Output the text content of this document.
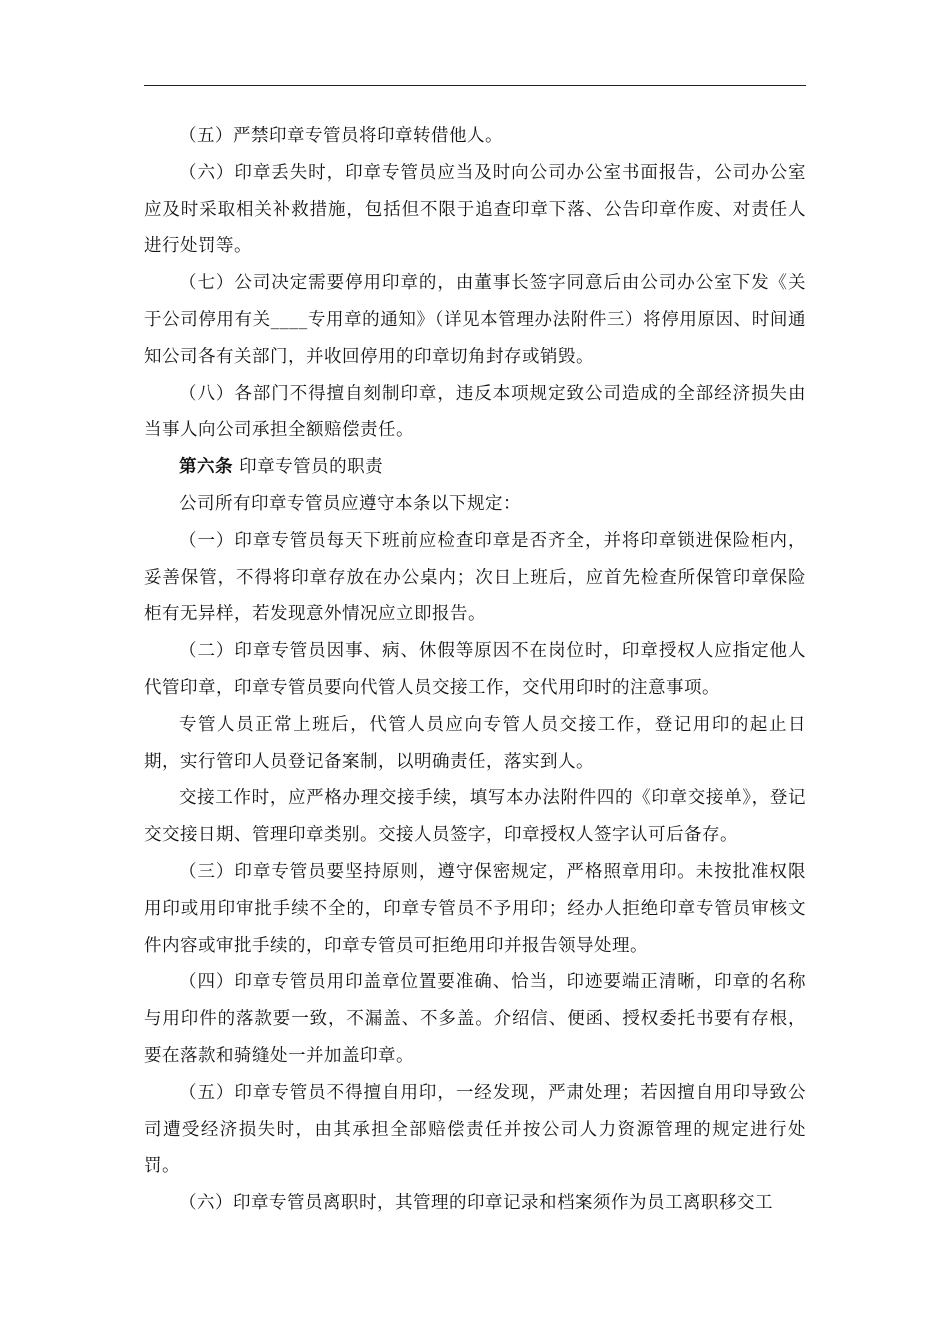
（五）严禁印章专管员将印章转借他人。

（六）印章丢失时，印章专管员应当及时向公司办公室书面报告，公司办公室应及时采取相关补救措施，包括但不限于追查印章下落、公告印章作废、对责任人进行处罚等。

（七）公司决定需要停用印章的，由董事长签字同意后由公司办公室下发《关于公司停用有关____专用章的通知》（详见本管理办法附件三）将停用原因、时间通知公司各有关部门，并收回停用的印章切角封存或销毁。

（八）各部门不得擅自刻制印章，违反本项规定致公司造成的全部经济损失由当事人向公司承担全额赔偿责任。

第六条 印章专管员的职责

公司所有印章专管员应遵守本条以下规定：

（一）印章专管员每天下班前应检查印章是否齐全，并将印章锁进保险柜内，妥善保管，不得将印章存放在办公桌内；次日上班后，应首先检查所保管印章保险柜有无异样，若发现意外情况应立即报告。

（二）印章专管员因事、病、休假等原因不在岗位时，印章授权人应指定他人代管印章，印章专管员要向代管人员交接工作，交代用印时的注意事项。

专管人员正常上班后，代管人员应向专管人员交接工作，登记用印的起止日期，实行管印人员登记备案制，以明确责任，落实到人。

交接工作时，应严格办理交接手续，填写本办法附件四的《印章交接单》，登记交交接日期、管理印章类别。交接人员签字，印章授权人签字认可后备存。

（三）印章专管员要坚持原则，遵守保密规定，严格照章用印。未按批准权限用印或用印审批手续不全的，印章专管员不予用印；经办人拒绝印章专管员审核文件内容或审批手续的，印章专管员可拒绝用印并报告领导处理。

（四）印章专管员用印盖章位置要准确、恰当，印迹要端正清晰，印章的名称与用印件的落款要一致，不漏盖、不多盖。介绍信、便函、授权委托书要有存根，要在落款和骑缝处一并加盖印章。

（五）印章专管员不得擅自用印，一经发现，严肃处理；若因擅自用印导致公司遭受经济损失时，由其承担全部赔偿责任并按公司人力资源管理的规定进行处罚。

（六）印章专管员离职时，其管理的印章记录和档案须作为员工离职移交工
